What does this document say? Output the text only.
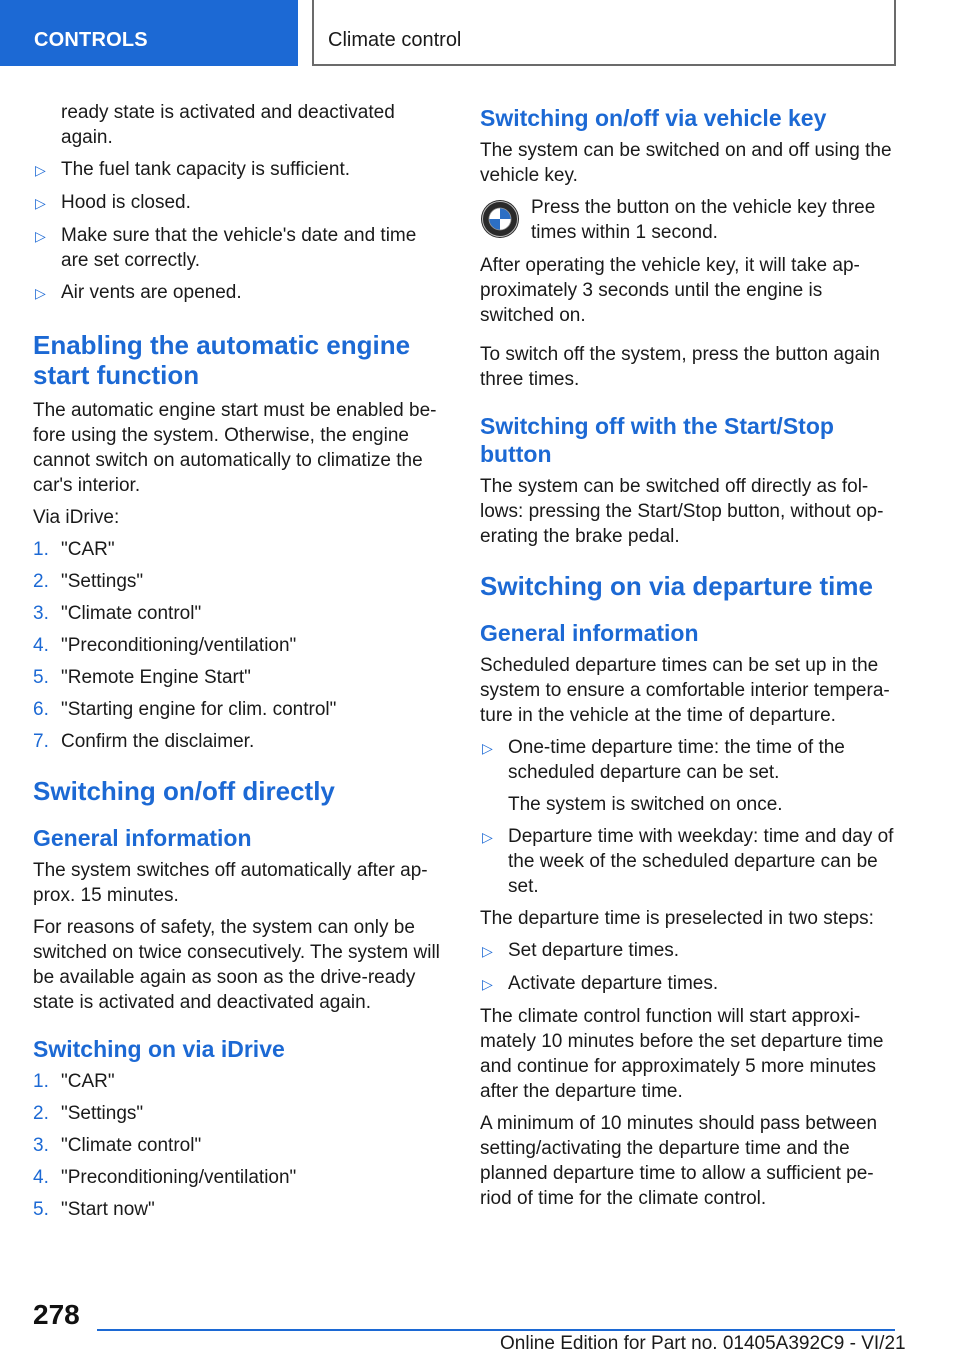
CONTROLS	Climate control

ready state is activated and deactivated again.

▷ The fuel tank capacity is sufficient.
▷ Hood is closed.
▷ Make sure that the vehicle's date and time are set correctly.
▷ Air vents are opened.
Enabling the automatic engine start function

The automatic engine start must be enabled be-fore using the system. Otherwise, the engine cannot switch on automatically to climatize the car's interior.

Via iDrive:

1. "CAR"
2. "Settings"
3. "Climate control"
4. "Preconditioning/ventilation"
5. "Remote Engine Start"
6. "Starting engine for clim. control"
7. Confirm the disclaimer.
Switching on/off directly
General information

The system switches off automatically after ap-prox. 15 minutes.

For reasons of safety, the system can only be switched on twice consecutively. The system will be available again as soon as the drive-ready state is activated and deactivated again.

Switching on via iDrive
1. "CAR"
2. "Settings"
3. "Climate control"
4. "Preconditioning/ventilation"
5. "Start now"
Switching on/off via vehicle key

The system can be switched on and off using the vehicle key.

Press the button on the vehicle key three times within 1 second.

After operating the vehicle key, it will take ap-proximately 3 seconds until the engine is switched on.

To switch off the system, press the button again three times.

Switching off with the Start/Stop button

The system can be switched off directly as fol-lows: pressing the Start/Stop button, without op-erating the brake pedal.

Switching on via departure time
General information

Scheduled departure times can be set up in the system to ensure a comfortable interior tempera-ture in the vehicle at the time of departure.

▷ One-time departure time: the time of the scheduled departure can be set.
The system is switched on once.
▷ Departure time with weekday: time and day of the week of the scheduled departure can be set.

The departure time is preselected in two steps:

▷ Set departure times.
▷ Activate departure times.

The climate control function will start approxi-mately 10 minutes before the set departure time and continue for approximately 5 more minutes after the departure time.

A minimum of 10 minutes should pass between setting/activating the departure time and the planned departure time to allow a sufficient pe-riod of time for the climate control.

278
Online Edition for Part no. 01405A392C9 - VI/21
